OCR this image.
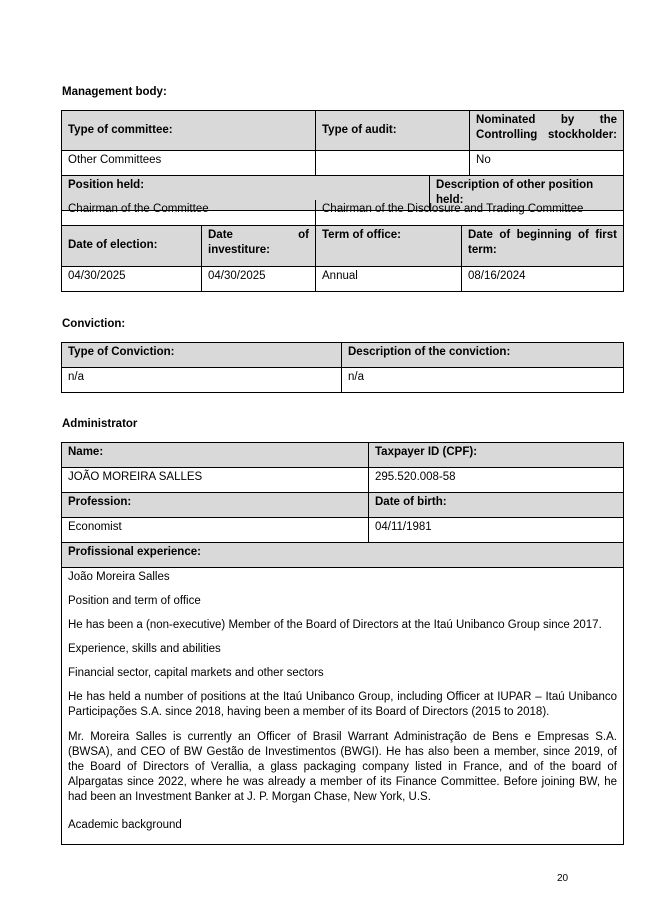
Management body:
Type of committee:	Type of audit:		Nominated by the Controlling stockholder:
Other Committees			No
Position held:		Description of other position held:	
Chairman of the Committee		Chairman of the Disclosure and Trading Committee	
Date of election:	Date of investiture:	Term of office:	Date of beginning of first term:
04/30/2025	04/30/2025	Annual	08/16/2024
Conviction:
Type of Conviction:	Description of the conviction:
n/a	n/a
Administrator
Name:	Taxpayer ID (CPF):
JOÃO MOREIRA SALLES	295.520.008-58
Profession:	Date of birth:
Economist	04/11/1981
Profissional experience:	
João Moreira Salles	
Position and term of office	
He has been a (non-executive) Member of the Board of Directors at the Itaú Unibanco Group since 2017.	
Experience, skills and abilities	
Financial sector, capital markets and other sectors	
He has held a number of positions at the Itaú Unibanco Group, including Officer at IUPAR – Itaú Unibanco Participações S.A. since 2018, having been a member of its Board of Directors (2015 to 2018).	
Mr. Moreira Salles is currently an Officer of Brasil Warrant Administração de Bens e Empresas S.A. (BWSA), and CEO of BW Gestão de Investimentos (BWGI). He has also been a member, since 2019, of the Board of Directors of Verallia, a glass packaging company listed in France, and of the board of Alpargatas since 2022, where he was already a member of its Finance Committee. Before joining BW, he had been an Investment Banker at J. P. Morgan Chase, New York, U.S.	
Academic background	
20
